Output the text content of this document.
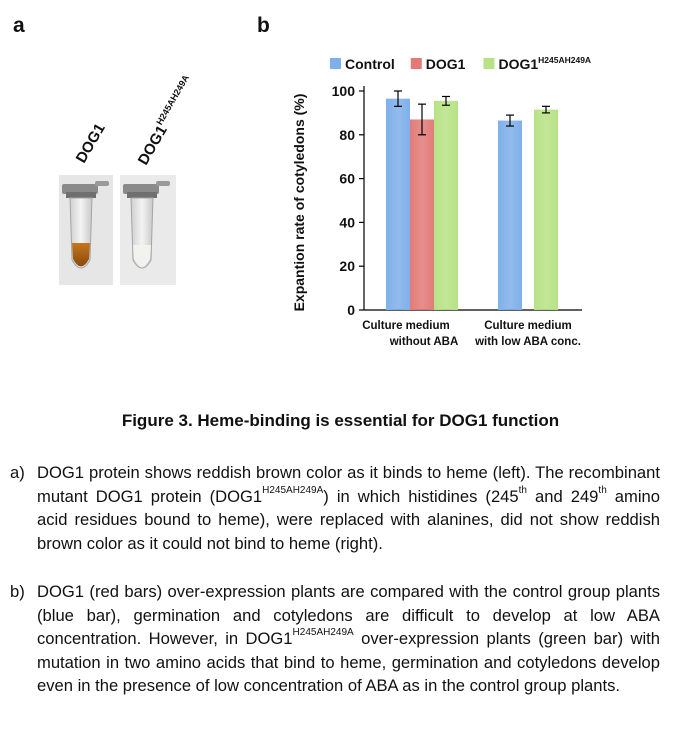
a	b
DOG1 $DOG1^{H245AH249A}$
0
20
40
60
80
100
Expantion rate of cotyledons (%)
Culture medium
without ABA
Culture medium
with low ABA conc.
Control DOG1 $DOG1^{H245AH249A}$
Figure 3. Heme-binding is essential for DOG1 function
a) DOG1 protein shows reddish brown color as it binds to heme (left). The recombinant mutant DOG1 protein $(DOG1^{H245AH249A})$ in which histidines (245th and 249th amino acid residues bound to heme), were replaced with alanines, did not show reddish brown color as it could not bind to heme (right).
b) DOG1 (red bars) over-expression plants are compared with the control group plants (blue bar), germination and cotyledons are difficult to develop at low ABA concentration. However, in $DOG1^{H245AH249A}$ over-expression plants (green bar) with mutation in two amino acids that bind to heme, germination and cotyledons develop even in the presence of low concentration of ABA as in the control group plants.
